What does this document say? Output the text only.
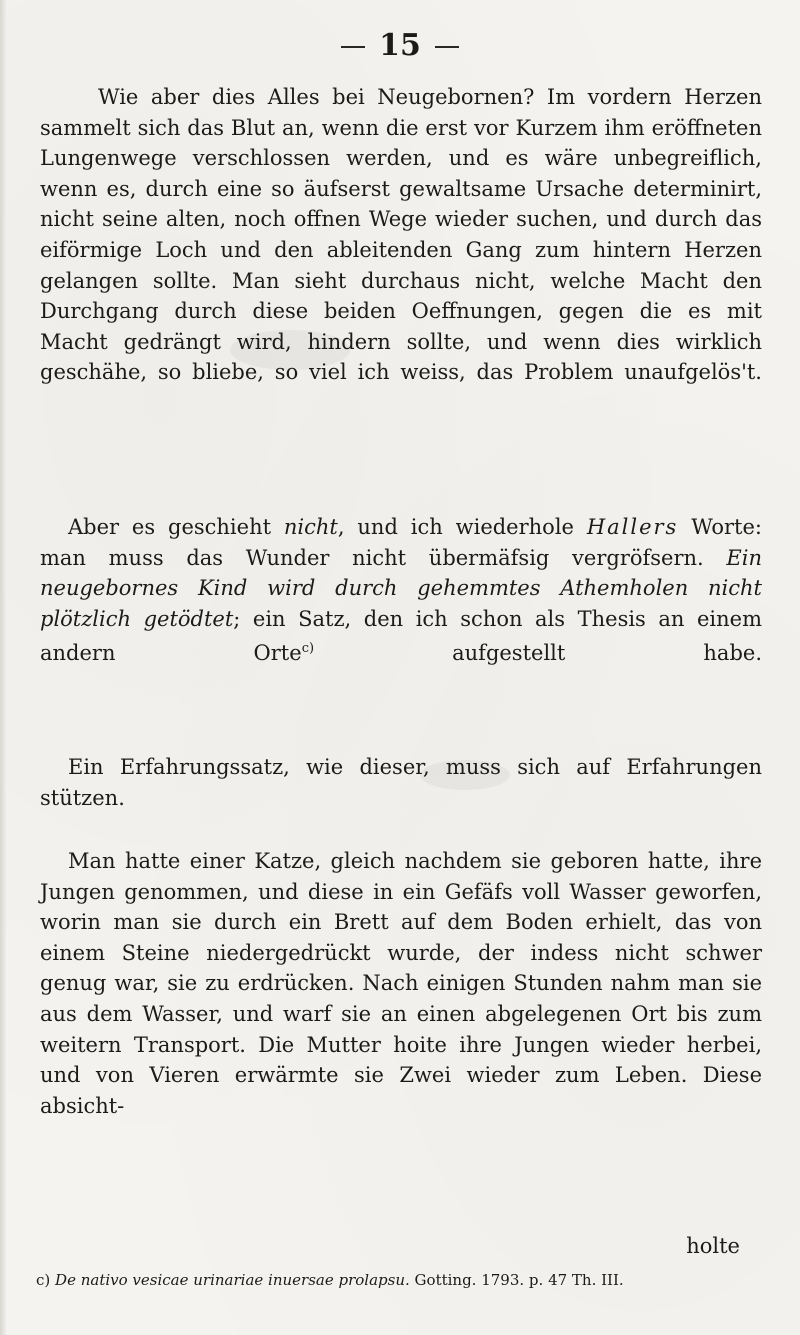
15
Wie aber dies Alles bei Neugebornen? Im vordern Herzen sammelt sich das Blut an, wenn die erst vor Kurzem ihm eröffneten Lungenwege verschlossen werden, und es wäre unbegreiflich, wenn es, durch eine so äufserst gewaltsame Ursache determinirt, nicht seine alten, noch offnen Wege wieder suchen, und durch das eiförmige Loch und den ableitenden Gang zum hintern Herzen gelangen sollte. Man sieht durchaus nicht, welche Macht den Durchgang durch diese beiden Oeffnungen, gegen die es mit Macht gedrängt wird, hindern sollte, und wenn dies wirklich geschähe, so bliebe, so viel ich weiss, das Problem unaufgelös't.
Aber es geschieht nicht, und ich wiederhole Hallers Worte: man muss das Wunder nicht übermäfsig vergröfsern. Ein neugebornes Kind wird durch gehemmtes Athemholen nicht plötzlich getödtet; ein Satz, den ich schon als Thesis an einem andern Orte$^{c)}$ aufgestellt habe.
Ein Erfahrungssatz, wie dieser, muss sich auf Erfahrungen stützen.
Man hatte einer Katze, gleich nachdem sie geboren hatte, ihre Jungen genommen, und diese in ein Gefäfs voll Wasser geworfen, worin man sie durch ein Brett auf dem Boden erhielt, das von einem Steine niedergedrückt wurde, der indess nicht schwer genug war, sie zu erdrücken. Nach einigen Stunden nahm man sie aus dem Wasser, und warf sie an einen abgelegenen Ort bis zum weitern Transport. Die Mutter hoite ihre Jungen wieder herbei, und von Vieren erwärmte sie Zwei wieder zum Leben. Diese absicht-
holte
c) De nativo vesicae urinariae inuersae prolapsu. Gotting. 1793. p. 47 Th. III.
